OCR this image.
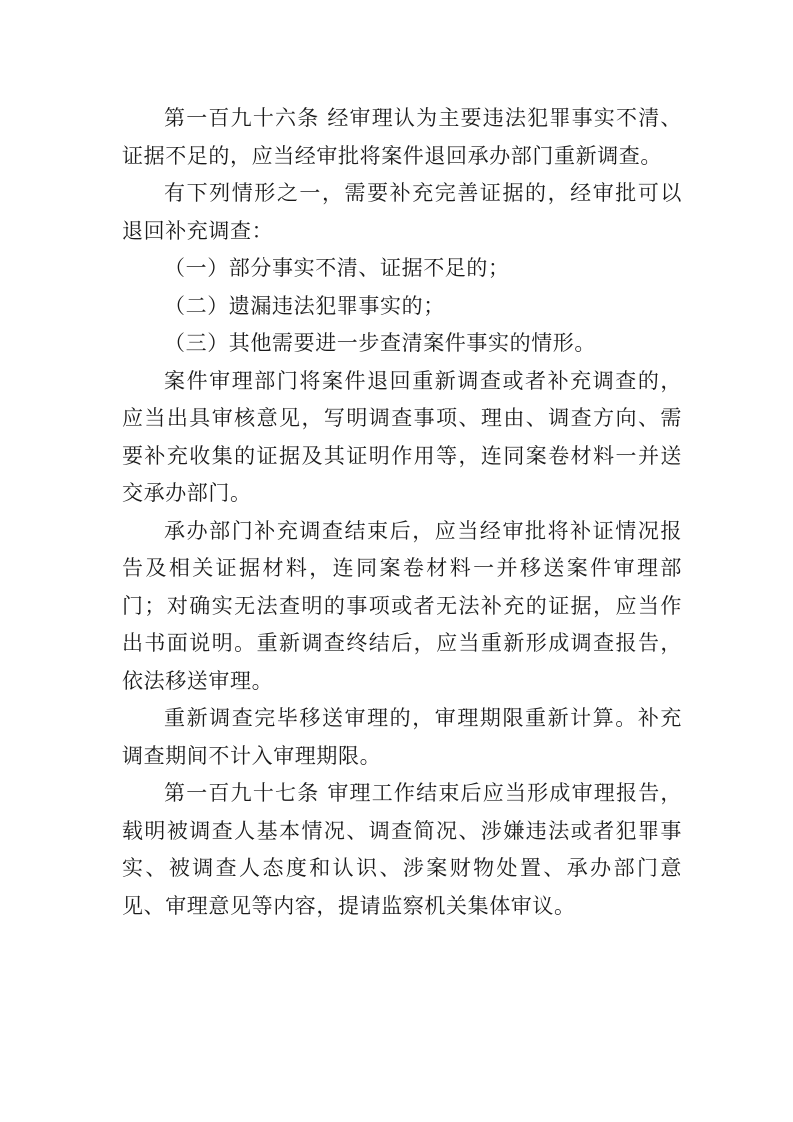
第一百九十六条 经审理认为主要违法犯罪事实不清、证据不足的，应当经审批将案件退回承办部门重新调查。

有下列情形之一，需要补充完善证据的，经审批可以退回补充调查：

（一）部分事实不清、证据不足的；

（二）遗漏违法犯罪事实的；

（三）其他需要进一步查清案件事实的情形。

案件审理部门将案件退回重新调查或者补充调查的，应当出具审核意见，写明调查事项、理由、调查方向、需要补充收集的证据及其证明作用等，连同案卷材料一并送交承办部门。

承办部门补充调查结束后，应当经审批将补证情况报告及相关证据材料，连同案卷材料一并移送案件审理部门；对确实无法查明的事项或者无法补充的证据，应当作出书面说明。重新调查终结后，应当重新形成调查报告，依法移送审理。

重新调查完毕移送审理的，审理期限重新计算。补充调查期间不计入审理期限。

第一百九十七条 审理工作结束后应当形成审理报告，载明被调查人基本情况、调查简况、涉嫌违法或者犯罪事实、被调查人态度和认识、涉案财物处置、承办部门意见、审理意见等内容，提请监察机关集体审议。
